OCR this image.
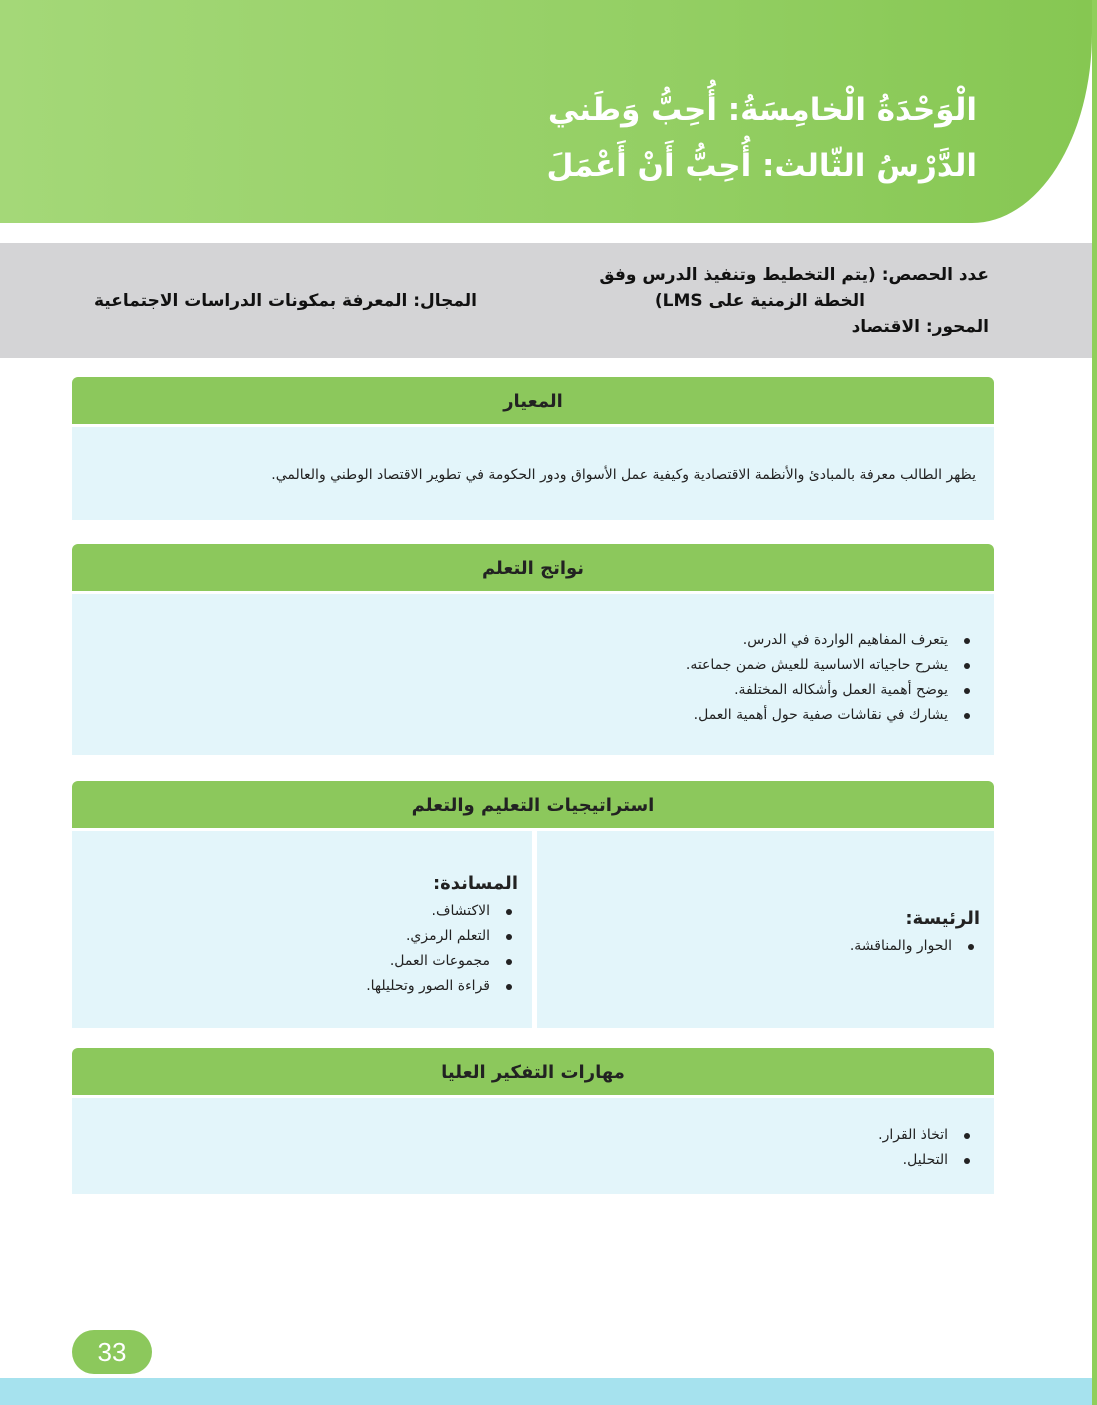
الْوَحْدَةُ الْخامِسَةُ: أُحِبُّ وَطَني
الدَّرْسُ الثّالث: أُحِبُّ أَنْ أَعْمَلَ
عدد الحصص: (يتم التخطيط وتنفيذ الدرس وفق
الخطة الزمنية على LMS)
المحور: الاقتصاد
المجال: المعرفة بمكونات الدراسات الاجتماعية
المعيار

يظهر الطالب معرفة بالمبادئ والأنظمة الاقتصادية وكيفية عمل الأسواق ودور الحكومة في تطوير الاقتصاد الوطني والعالمي.

نواتج التعلم
يتعرف المفاهيم الواردة في الدرس.
يشرح حاجياته الاساسية للعيش ضمن جماعته.
يوضح أهمية العمل وأشكاله المختلفة.
يشارك في نقاشات صفية حول أهمية العمل.
استراتيجيات التعليم والتعلم
الرئيسة:
الحوار والمناقشة.
المساندة:
الاكتشاف.
التعلم الرمزي.
مجموعات العمل.
قراءة الصور وتحليلها.
مهارات التفكير العليا
اتخاذ القرار.
التحليل.
33
